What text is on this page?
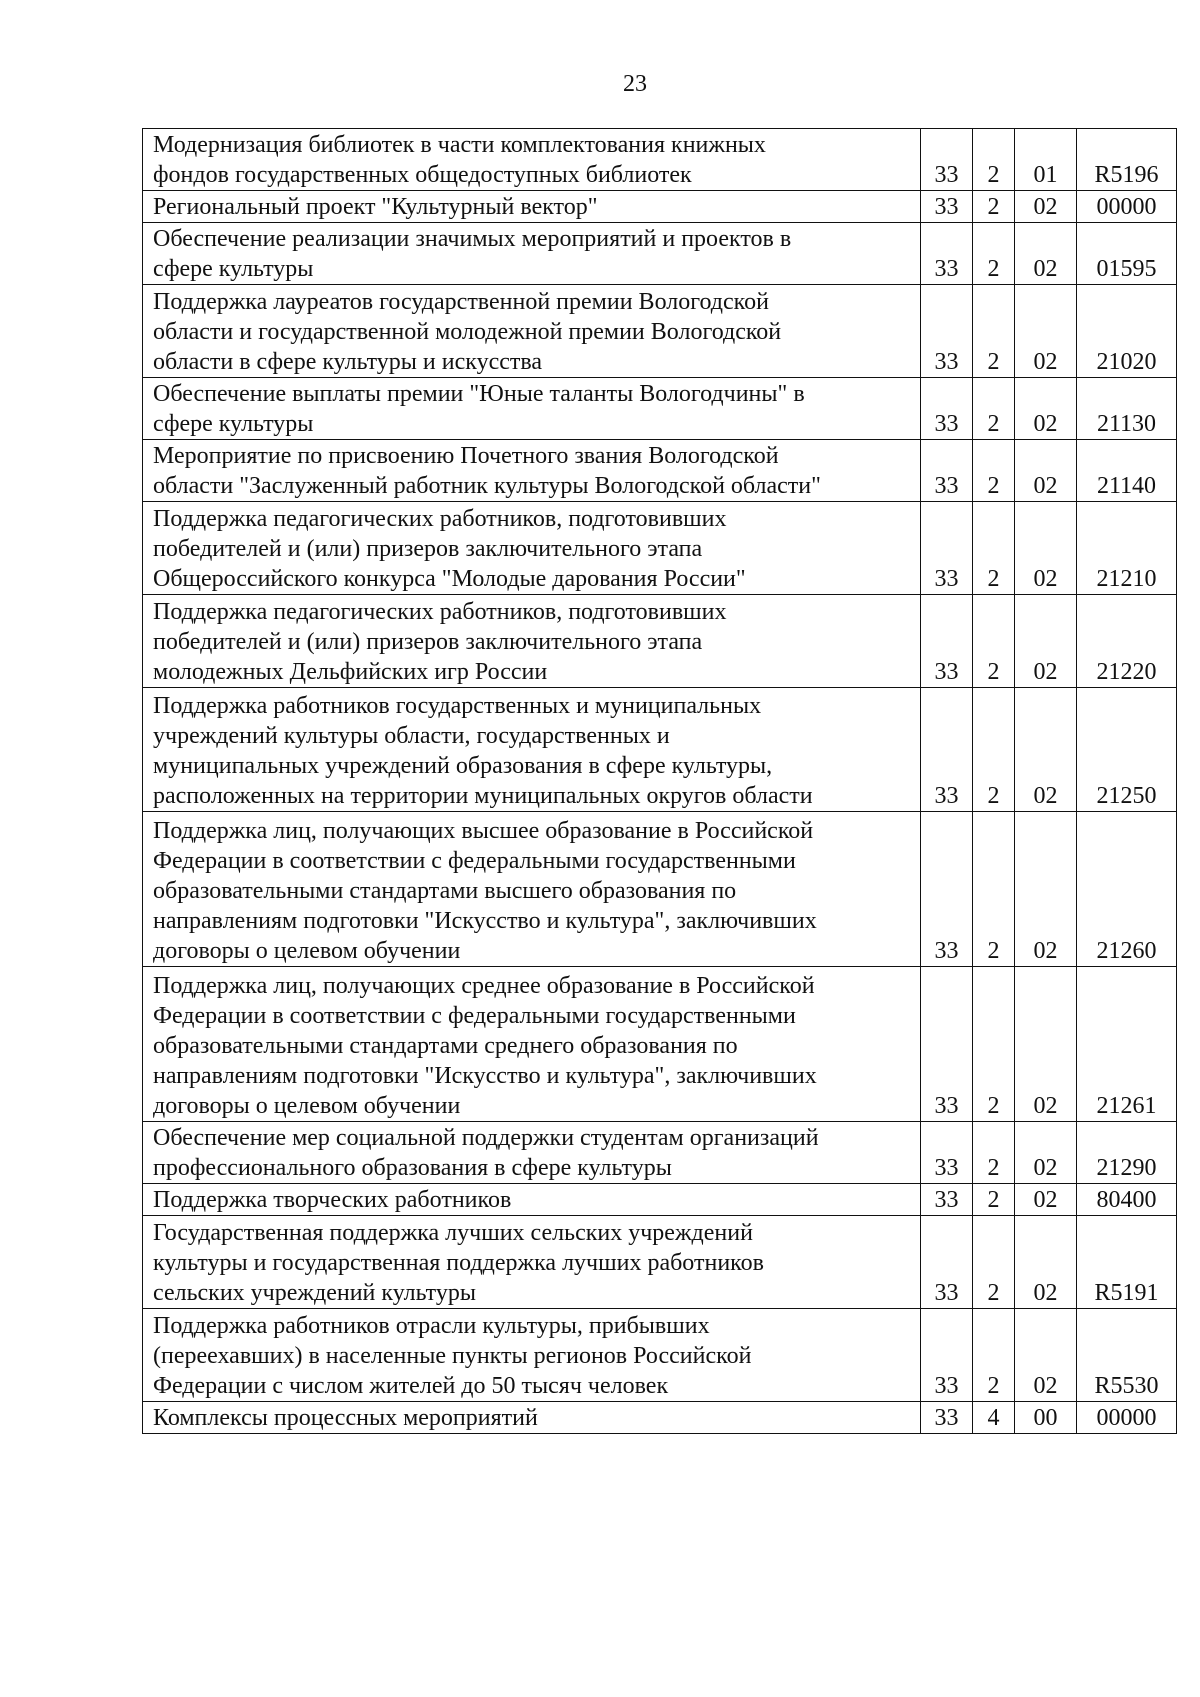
23
Модернизация библиотек в части комплектования книжных
фондов государственных общедоступных библиотек	33	2	01	R5196

Региональный проект "Культурный вектор"	33	2	02	00000

Обеспечение реализации значимых мероприятий и проектов в
сфере культуры	33	2	02	01595

Поддержка лауреатов государственной премии Вологодской
области и государственной молодежной премии Вологодской
области в сфере культуры и искусства	33	2	02	21020

Обеспечение выплаты премии "Юные таланты Вологодчины" в
сфере культуры	33	2	02	21130

Мероприятие по присвоению Почетного звания Вологодской
области "Заслуженный работник культуры Вологодской области"	33	2	02	21140

Поддержка педагогических работников, подготовивших
победителей и (или) призеров заключительного этапа
Общероссийского конкурса "Молодые дарования России"	33	2	02	21210

Поддержка педагогических работников, подготовивших
победителей и (или) призеров заключительного этапа
молодежных Дельфийских игр России	33	2	02	21220

Поддержка работников государственных и муниципальных
учреждений культуры области, государственных и
муниципальных учреждений образования в сфере культуры,
расположенных на территории муниципальных округов области	33	2	02	21250

Поддержка лиц, получающих высшее образование в Российской
Федерации в соответствии с федеральными государственными
образовательными стандартами высшего образования по
направлениям подготовки "Искусство и культура", заключивших
договоры о целевом обучении	33	2	02	21260

Поддержка лиц, получающих среднее образование в Российской
Федерации в соответствии с федеральными государственными
образовательными стандартами среднего образования по
направлениям подготовки "Искусство и культура", заключивших
договоры о целевом обучении	33	2	02	21261

Обеспечение мер социальной поддержки студентам организаций
профессионального образования в сфере культуры	33	2	02	21290

Поддержка творческих работников	33	2	02	80400

Государственная поддержка лучших сельских учреждений
культуры и государственная поддержка лучших работников
сельских учреждений культуры	33	2	02	R5191

Поддержка работников отрасли культуры, прибывших
(переехавших) в населенные пункты регионов Российской
Федерации с числом жителей до 50 тысяч человек	33	2	02	R5530

Комплексы процессных мероприятий	33	4	00	00000
